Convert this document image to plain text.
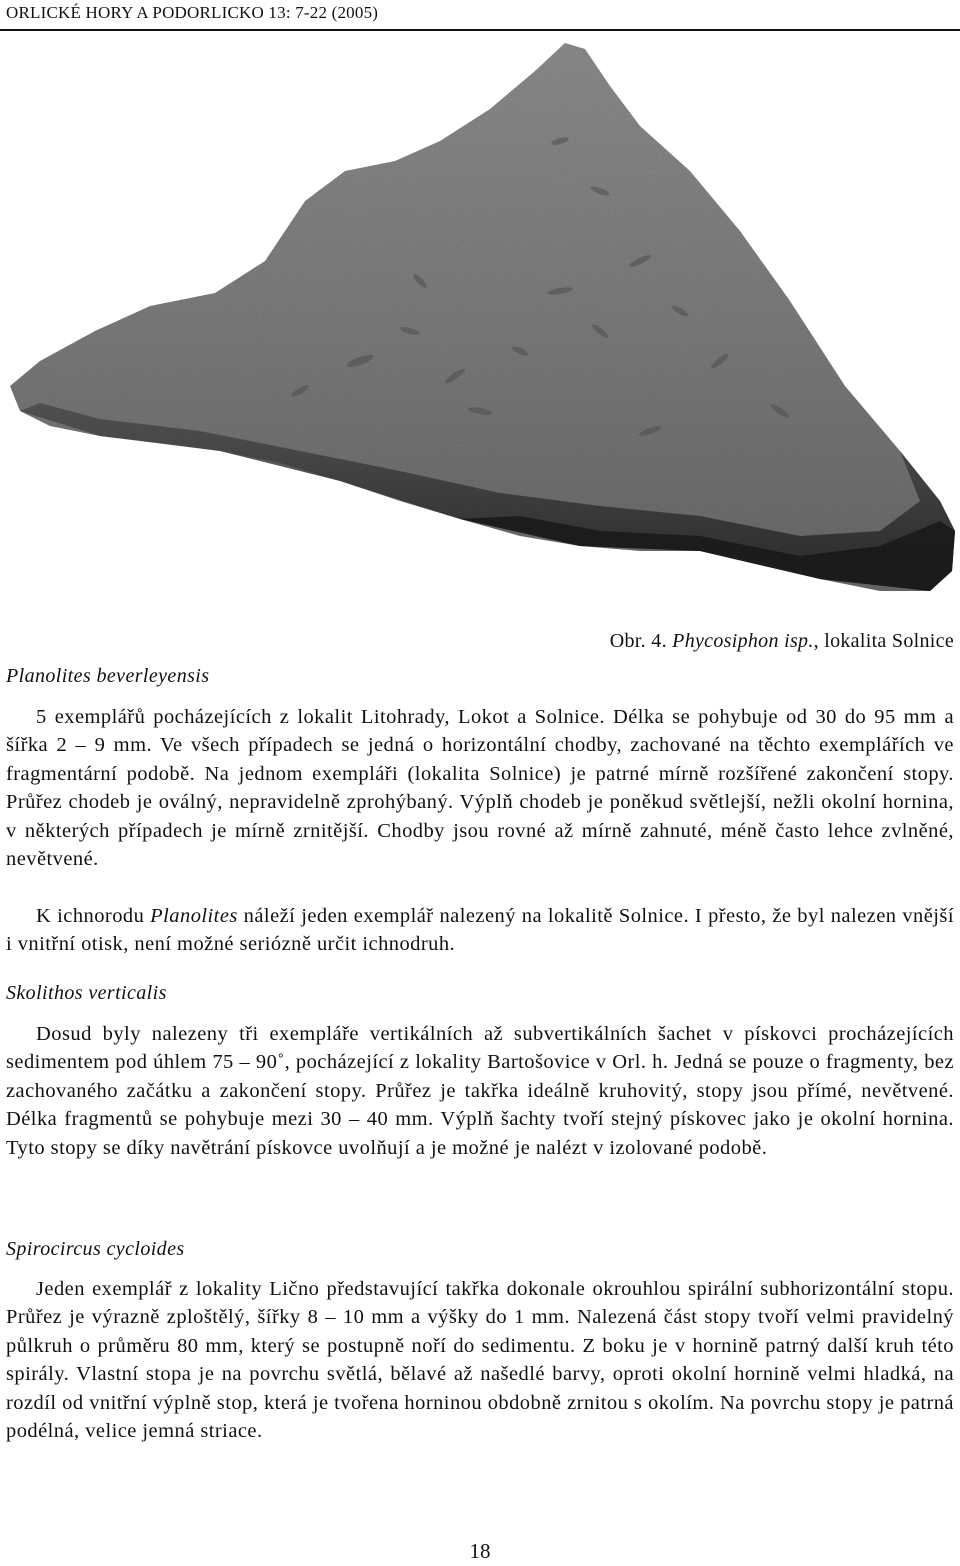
ORLICKÉ HORY A PODORLICKO 13: 7-22 (2005)
Obr. 4. Phycosiphon isp., lokalita Solnice
Planolites beverleyensis

5 exemplářů pocházejících z lokalit Litohrady, Lokot a Solnice. Délka se pohybuje od 30 do 95 mm a šířka 2 – 9 mm. Ve všech případech se jedná o horizontální chodby, zachované na těchto exemplářích ve fragmentární podobě. Na jednom exempláři (lokalita Solnice) je patrné mírně rozšířené zakončení stopy. Průřez chodeb je oválný, nepravidelně zprohýbaný. Výplň chodeb je poněkud světlejší, nežli okolní hornina, v některých případech je mírně zrnitější. Chodby jsou rovné až mírně zahnuté, méně často lehce zvlněné, nevětvené.

K ichnorodu Planolites náleží jeden exemplář nalezený na lokalitě Solnice. I přesto, že byl nalezen vnější i vnitřní otisk, není možné seriózně určit ichnodruh.

Skolithos verticalis

Dosud byly nalezeny tři exempláře vertikálních až subvertikálních šachet v pískovci procházejících sedimentem pod úhlem 75 – 90˚, pocházející z lokality Bartošovice v Orl. h. Jedná se pouze o fragmenty, bez zachovaného začátku a zakončení stopy. Průřez je takřka ideálně kruhovitý, stopy jsou přímé, nevětvené. Délka fragmentů se pohybuje mezi 30 – 40 mm. Výplň šachty tvoří stejný pískovec jako je okolní hornina. Tyto stopy se díky navětrání pískovce uvolňují a je možné je nalézt v izolované podobě.

Spirocircus cycloides

Jeden exemplář z lokality Lično představující takřka dokonale okrouhlou spirální subhorizontální stopu. Průřez je výrazně zploštělý, šířky 8 – 10 mm a výšky do 1 mm. Nalezená část stopy tvoří velmi pravidelný půlkruh o průměru 80 mm, který se postupně noří do sedimentu. Z boku je v hornině patrný další kruh této spirály. Vlastní stopa je na povrchu světlá, bělavé až našedlé barvy, oproti okolní hornině velmi hladká, na rozdíl od vnitřní výplně stop, která je tvořena horninou obdobně zrnitou s okolím. Na povrchu stopy je patrná podélná, velice jemná striace.

18
